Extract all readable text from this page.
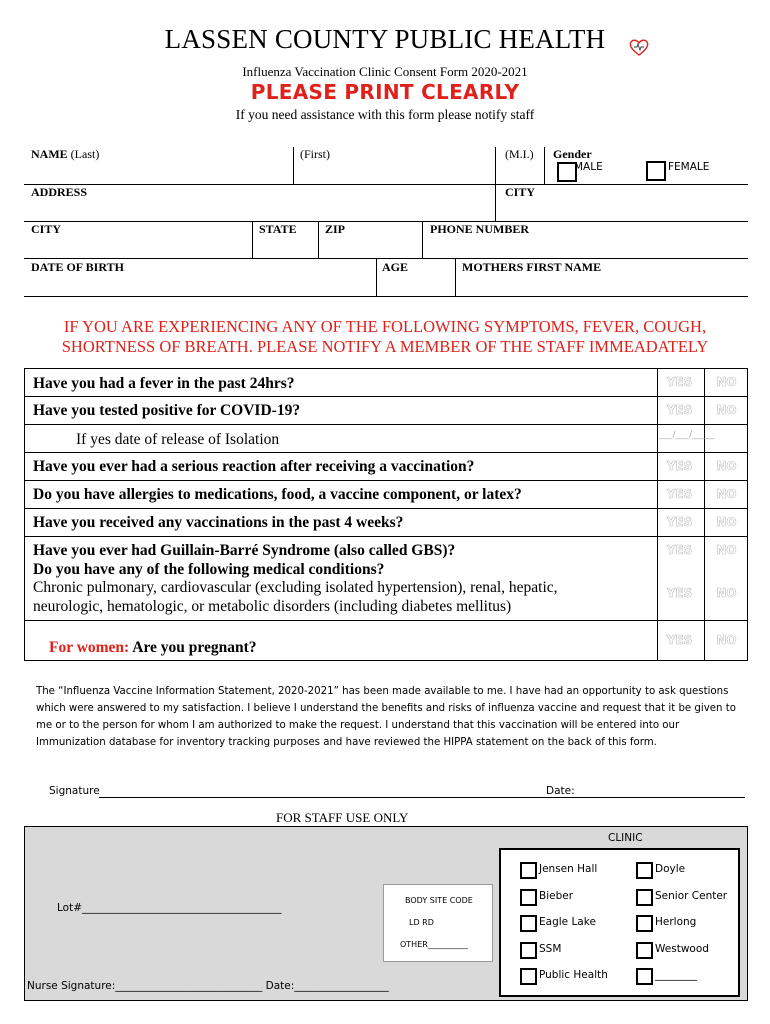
LASSEN COUNTY PUBLIC HEALTH
Influenza Vaccination Clinic Consent Form 2020-2021
PLEASE PRINT CLEARLY
If you need assistance with this form please notify staff
NAME (Last)	(First)	(M.I.) Gender
MALE	FEMALE
ADDRESS	CITY
CITY	STATE ZIP	PHONE NUMBER
DATE OF BIRTH	AGE	MOTHERS FIRST NAME
IF YOU ARE EXPERIENCING ANY OF THE FOLLOWING SYMPTOMS, FEVER, COUGH,
SHORTNESS OF BREATH. PLEASE NOTIFY A MEMBER OF THE STAFF IMMEADATELY
Have you had a fever in the past 24hrs?	YES	NO
Have you tested positive for COVID-19?	YES	NO
If yes date of release of Isolation	___/___/_____
Have you ever had a serious reaction after receiving a vaccination?	YES	NO
Do you have allergies to medications, food, a vaccine component, or latex?	YES	NO
Have you received any vaccinations in the past 4 weeks?	YES	NO
Have you ever had Guillain-Barré Syndrome (also called GBS)?	YES	NO
Do you have any of the following medical conditions?
Chronic pulmonary, cardiovascular (excluding isolated hypertension), renal, hepatic,
neurologic, hematologic, or metabolic disorders (including diabetes mellitus)
YES	NO
For women: Are you pregnant?	YES	NO
The “Influenza Vaccine Information Statement, 2020-2021” has been made available to me. I have had an opportunity to ask questions which were answered to my satisfaction. I believe I understand the benefits and risks of influenza vaccine and request that it be given to me or to the person for whom I am authorized to make the request. I understand that this vaccination will be entered into our Immunization database for inventory tracking purposes and have reviewed the HIPPA statement on the back of this form.
Signature	Date:
FOR STAFF USE ONLY
CLINIC
Lot#______________________________________
BODY SITE CODE
LD RD
OTHER__________
Nurse Signature:____________________________ Date:__________________
Jensen Hall	Doyle
Bieber	Senior Center
Eagle Lake	Herlong
SSM	Westwood
Public Health	________
